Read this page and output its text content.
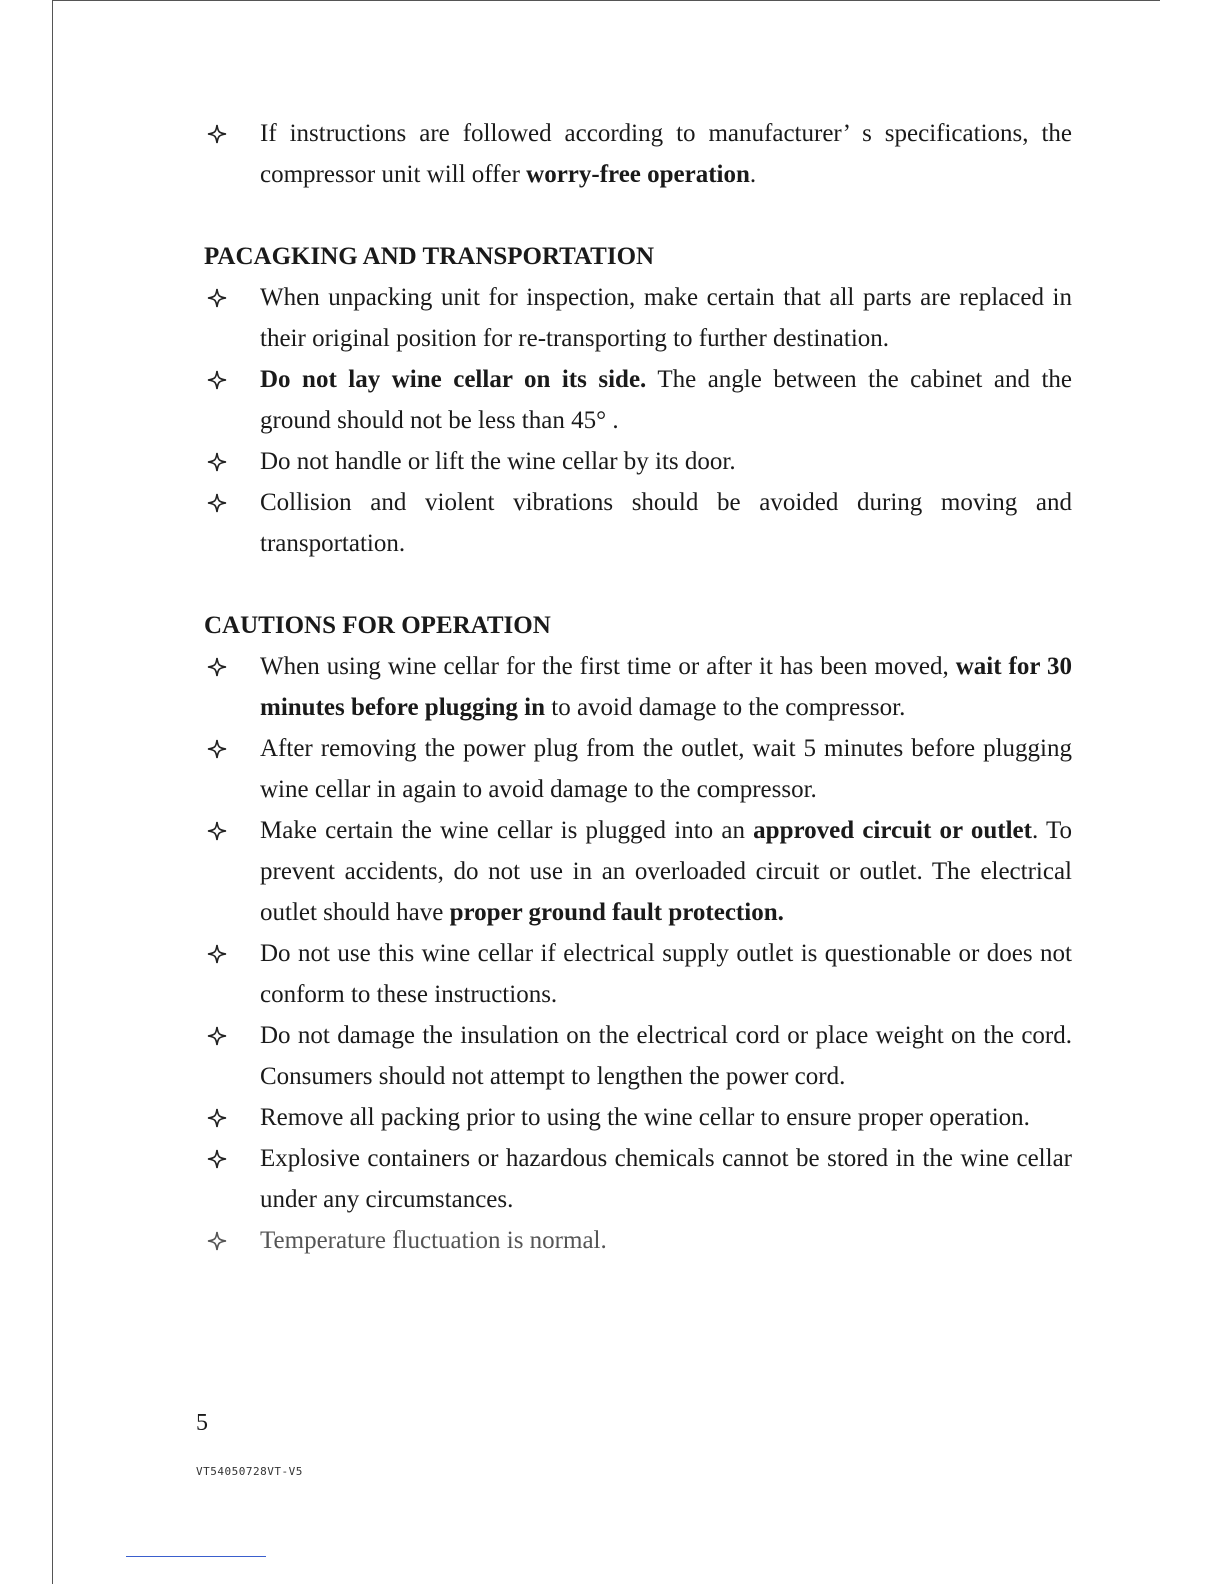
If instructions are followed according to manufacturer’ s specifications, the compressor unit will offer worry-free operation.
PACAGKING AND TRANSPORTATION
When unpacking unit for inspection, make certain that all parts are replaced in their original position for re-transporting to further destination.
Do not lay wine cellar on its side. The angle between the cabinet and the ground should not be less than 45° .
Do not handle or lift the wine cellar by its door.
Collision and violent vibrations should be avoided during moving and transportation.
CAUTIONS FOR OPERATION
When using wine cellar for the first time or after it has been moved, wait for 30 minutes before plugging in to avoid damage to the compressor.
After removing the power plug from the outlet, wait 5 minutes before plugging wine cellar in again to avoid damage to the compressor.
Make certain the wine cellar is plugged into an approved circuit or outlet. To prevent accidents, do not use in an overloaded circuit or outlet. The electrical outlet should have proper ground fault protection.
Do not use this wine cellar if electrical supply outlet is questionable or does not conform to these instructions.
Do not damage the insulation on the electrical cord or place weight on the cord. Consumers should not attempt to lengthen the power cord.
Remove all packing prior to using the wine cellar to ensure proper operation.
Explosive containers or hazardous chemicals cannot be stored in the wine cellar under any circumstances.
Temperature fluctuation is normal.
5
VT54050728VT-V5
